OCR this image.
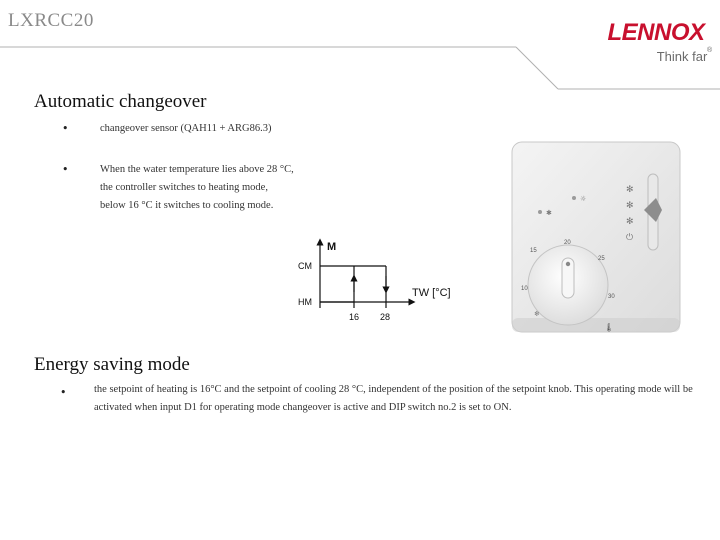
LXRCC20	LENNOX
Think far ®
Automatic changeover
•	changeover sensor (QAH11 + ARG86.3)
•	When the water temperature lies above 28 °C,
the controller switches to heating mode,
below 16 °C it switches to cooling mode.
M
CM
HM
16 28
TW [°C]
✻
✻
✻
⏻
☼
✱
15
20
25
30
10
❄
🌡
Energy saving mode
•	the setpoint of heating is 16°C and the setpoint of cooling 28 °C, independent of the position of the setpoint knob. This operating mode will be activated when input D1 for operating mode changeover is active and DIP switch no.2 is set to ON.
